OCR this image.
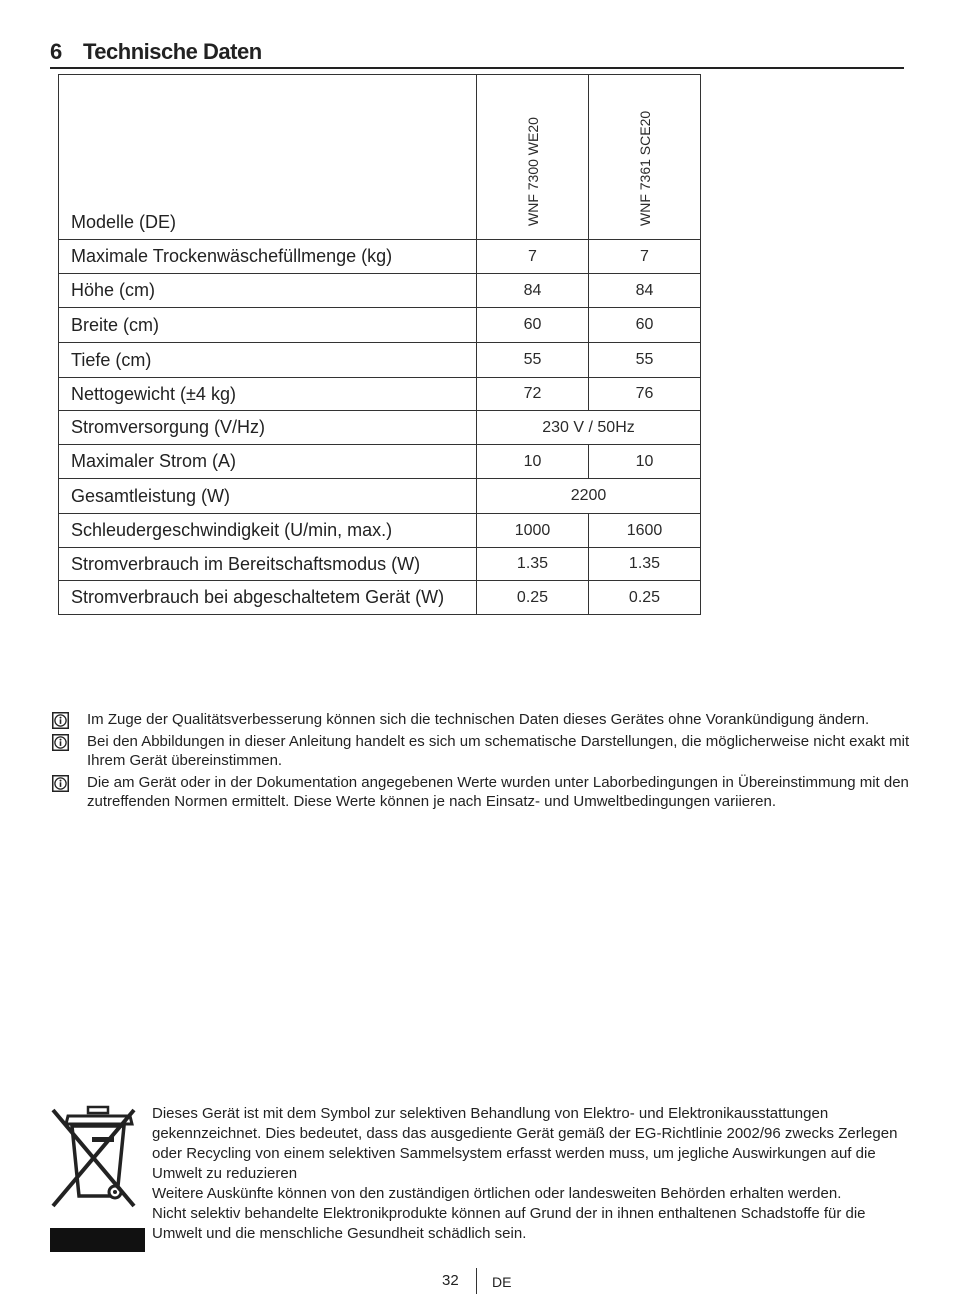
6 Technische Daten
Modelle (DE)	WNF 7300 WE20	WNF 7361 SCE20

Maximale Trockenwäschefüllmenge (kg)	7	7
Höhe (cm)	84	84
Breite (cm)	60	60
Tiefe (cm)	55	55
Nettogewicht (±4 kg)	72	76
Stromversorgung (V/Hz)	230 V / 50Hz	
Maximaler Strom (A)	10	10
Gesamtleistung (W)	2200	
Schleudergeschwindigkeit (U/min, max.)	1000	1600
Stromverbrauch im Bereitschaftsmodus (W)	1.35	1.35
Stromverbrauch bei abgeschaltetem Gerät (W)	0.25	0.25

Im Zuge der Qualitätsverbesserung können sich die technischen Daten dieses Gerätes ohne Vorankündigung ändern.

Bei den Abbildungen in dieser Anleitung handelt es sich um schematische Darstellungen, die möglicherweise nicht exakt mit Ihrem Gerät übereinstimmen.

Die am Gerät oder in der Dokumentation angegebenen Werte wurden unter Laborbedingungen in Übereinstimmung mit den zutreffenden Normen ermittelt. Diese Werte können je nach Einsatz- und Umweltbedingungen variieren.

Dieses Gerät ist mit dem Symbol zur selektiven Behandlung von Elektro- und Elektronikausstattungen gekennzeichnet. Dies bedeutet, dass das ausgediente Gerät gemäß der EG-Richtlinie 2002/96 zwecks Zerlegen oder Recycling von einem selektiven Sammelsystem erfasst werden muss, um jegliche Auswirkungen auf die Umwelt zu reduzieren

Weitere Auskünfte können von den zuständigen örtlichen oder landesweiten Behörden erhalten werden.

Nicht selektiv behandelte Elektronikprodukte können auf Grund der in ihnen enthaltenen Schadstoffe für die Umwelt und die menschliche Gesundheit schädlich sein.

32 DE
